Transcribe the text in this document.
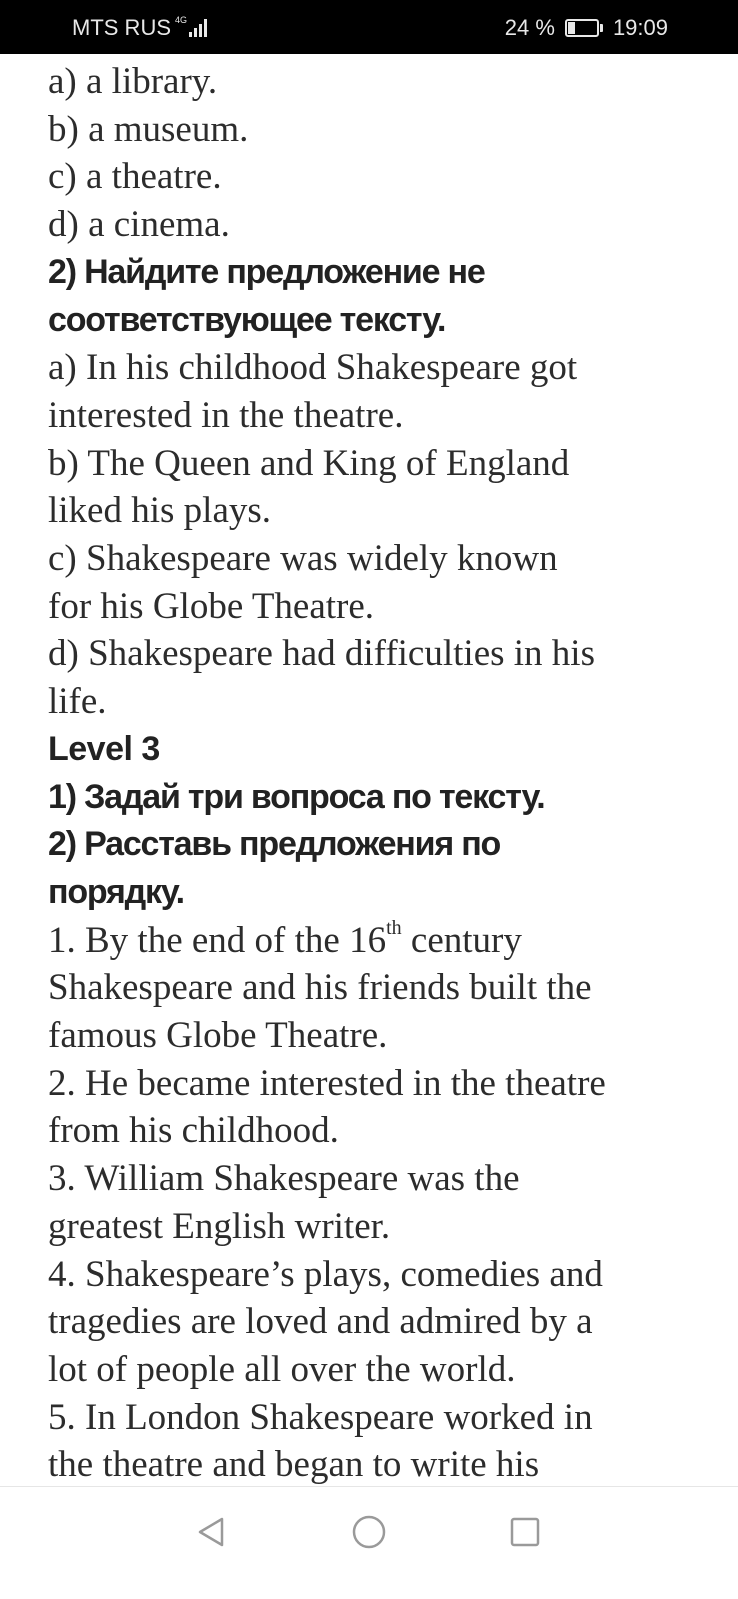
MTS RUS 4G	24 %	19:09
a) a library.
b) a museum.
c) a theatre.
d) a cinema.
2) Найдите предложение не
соответствующее тексту.
a) In his childhood Shakespeare got
interested in the theatre.
b) The Queen and King of England
liked his plays.
c) Shakespeare was widely known
for his Globe Theatre.
d) Shakespeare had difficulties in his
life.
Level 3
1) Задай три вопроса по тексту.
2) Расставь предложения по
порядку.
1. By the end of the 16th century
Shakespeare and his friends built the
famous Globe Theatre.
2. He became interested in the theatre
from his childhood.
3. William Shakespeare was the
greatest English writer.
4. Shakespeare’s plays, comedies and
tragedies are loved and admired by a
lot of people all over the world.
5. In London Shakespeare worked in
the theatre and began to write his
